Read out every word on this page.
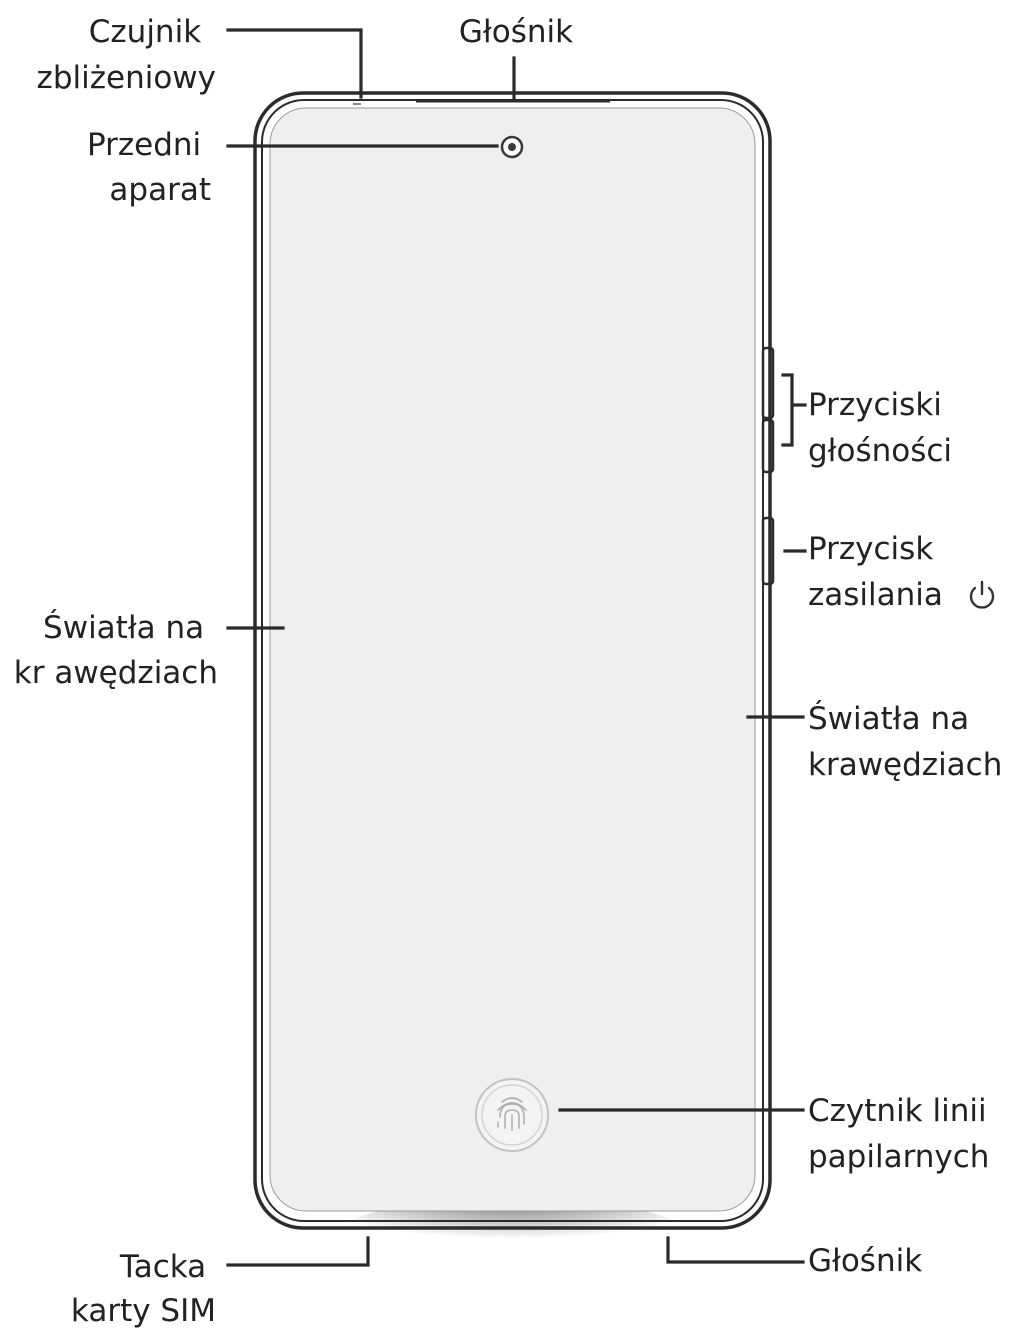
Czujnik zbliżeniowy
Głośnik
Przedni aparat
Przyciski głośności
Przycisk zasilania
Światła na kr awędziach
Światła na krawędziach
Czytnik linii papilarnych
Tacka karty SIM
Głośnik
